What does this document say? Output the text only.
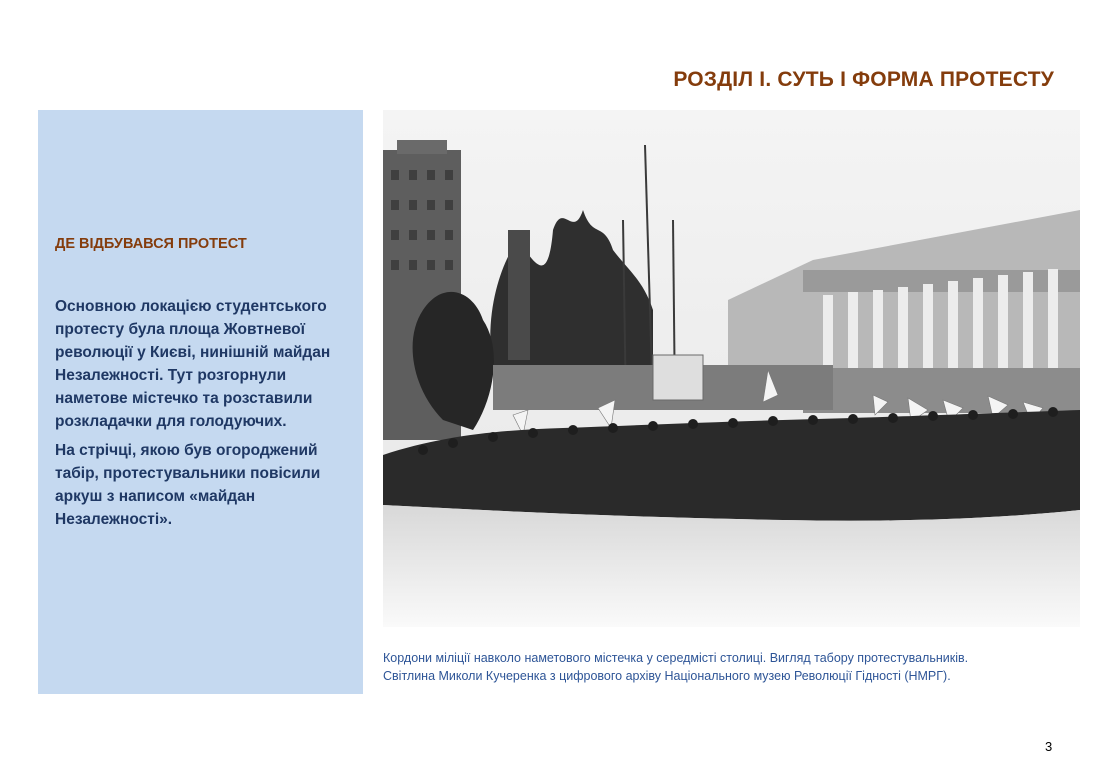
РОЗДІЛ І. СУТЬ І ФОРМА ПРОТЕСТУ
ДЕ ВІДБУВАВСЯ ПРОТЕСТ

Основною локацією студентського протесту була площа Жовтневої революції у Києві, нинішній майдан Незалежності. Тут розгорнули наметове містечко та розставили розкладачки для голодуючих.

На стрічці, якою був огороджений табір, протестувальники повісили аркуш з написом «майдан Незалежності».

Кордони міліції навколо наметового містечка у середмісті столиці. Вигляд табору протестувальників.
Світлина Миколи Кучеренка з цифрового архіву Національного музею Революції Гідності (НМРГ).
3
